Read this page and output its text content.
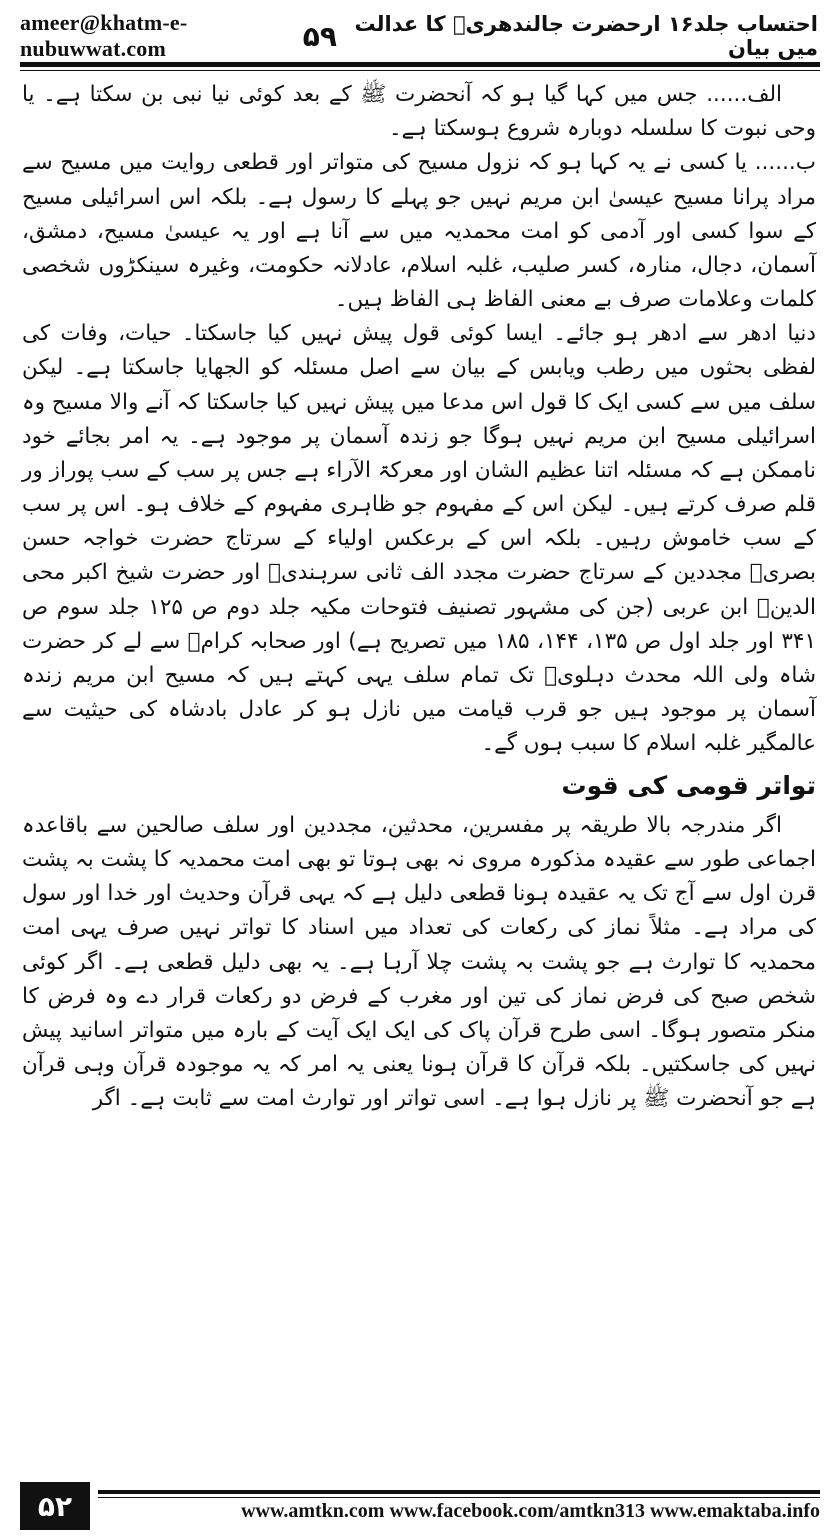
ameer@khatm-e-nubuwwat.com	۵۹ احتساب جلد۱۶ ارحضرت جالندھریؒ کا عدالت میں بیان

الف...... جس میں کہا گیا ہو کہ آنحضرت ﷺ کے بعد کوئی نیا نبی بن سکتا ہے۔ یا وحی نبوت کا سلسلہ دوبارہ شروع ہوسکتا ہے۔

ب...... یا کسی نے یہ کہا ہو کہ نزول مسیح کی متواتر اور قطعی روایت میں مسیح سے مراد پرانا مسیح عیسیٰ ابن مریم نہیں جو پہلے کا رسول ہے۔ بلکہ اس اسرائیلی مسیح کے سوا کسی اور آدمی کو امت محمدیہ میں سے آنا ہے اور یہ عیسیٰ مسیح، دمشق، آسمان، دجال، منارہ، کسر صلیب، غلبہ اسلام، عادلانہ حکومت، وغیرہ سینکڑوں شخصی کلمات وعلامات صرف بے معنی الفاظ ہی الفاظ ہیں۔

دنیا ادھر سے ادھر ہو جائے۔ ایسا کوئی قول پیش نہیں کیا جاسکتا۔ حیات، وفات کی لفظی بحثوں میں رطب ویابس کے بیان سے اصل مسئلہ کو الجھایا جاسکتا ہے۔ لیکن سلف میں سے کسی ایک کا قول اس مدعا میں پیش نہیں کیا جاسکتا کہ آنے والا مسیح وہ اسرائیلی مسیح ابن مریم نہیں ہوگا جو زندہ آسمان پر موجود ہے۔ یہ امر بجائے خود ناممکن ہے کہ مسئلہ اتنا عظیم الشان اور معرکۃ الآراء ہے جس پر سب کے سب پوراز ور قلم صرف کرتے ہیں۔ لیکن اس کے مفہوم جو ظاہری مفہوم کے خلاف ہو۔ اس پر سب کے سب خاموش رہیں۔ بلکہ اس کے برعکس اولیاء کے سرتاج حضرت خواجہ حسن بصریؒ مجددین کے سرتاج حضرت مجدد الف ثانی سرہندیؒ اور حضرت شیخ اکبر محی الدینؒ ابن عربی (جن کی مشہور تصنیف فتوحات مکیہ جلد دوم ص ۱۲۵ جلد سوم ص ۳۴۱ اور جلد اول ص ۱۳۵، ۱۴۴، ۱۸۵ میں تصریح ہے) اور صحابہ کرامؓ سے لے کر حضرت شاہ ولی اللہ محدث دہلویؒ تک تمام سلف یہی کہتے ہیں کہ مسیح ابن مریم زندہ آسمان پر موجود ہیں جو قرب قیامت میں نازل ہو کر عادل بادشاہ کی حیثیت سے عالمگیر غلبہ اسلام کا سبب ہوں گے۔

تواتر قومی کی قوت

اگر مندرجہ بالا طریقہ پر مفسرین، محدثین، مجددین اور سلف صالحین سے باقاعدہ اجماعی طور سے عقیدہ مذکورہ مروی نہ بھی ہوتا تو بھی امت محمدیہ کا پشت بہ پشت قرن اول سے آج تک یہ عقیدہ ہونا قطعی دلیل ہے کہ یہی قرآن وحدیث اور خدا اور سول کی مراد ہے۔ مثلاً نماز کی رکعات کی تعداد میں اسناد کا تواتر نہیں صرف یہی امت محمدیہ کا توارث ہے جو پشت بہ پشت چلا آرہا ہے۔ یہ بھی دلیل قطعی ہے۔ اگر کوئی شخص صبح کی فرض نماز کی تین اور مغرب کے فرض دو رکعات قرار دے وہ فرض کا منکر متصور ہوگا۔ اسی طرح قرآن پاک کی ایک ایک آیت کے بارہ میں متواتر اسانید پیش نہیں کی جاسکتیں۔ بلکہ قرآن کا قرآن ہونا یعنی یہ امر کہ یہ موجودہ قرآن وہی قرآن ہے جو آنحضرت ﷺ پر نازل ہوا ہے۔ اسی تواتر اور توارث امت سے ثابت ہے۔ اگر

۵۲	www.amtkn.com www.facebook.com/amtkn313 www.emaktaba.info
